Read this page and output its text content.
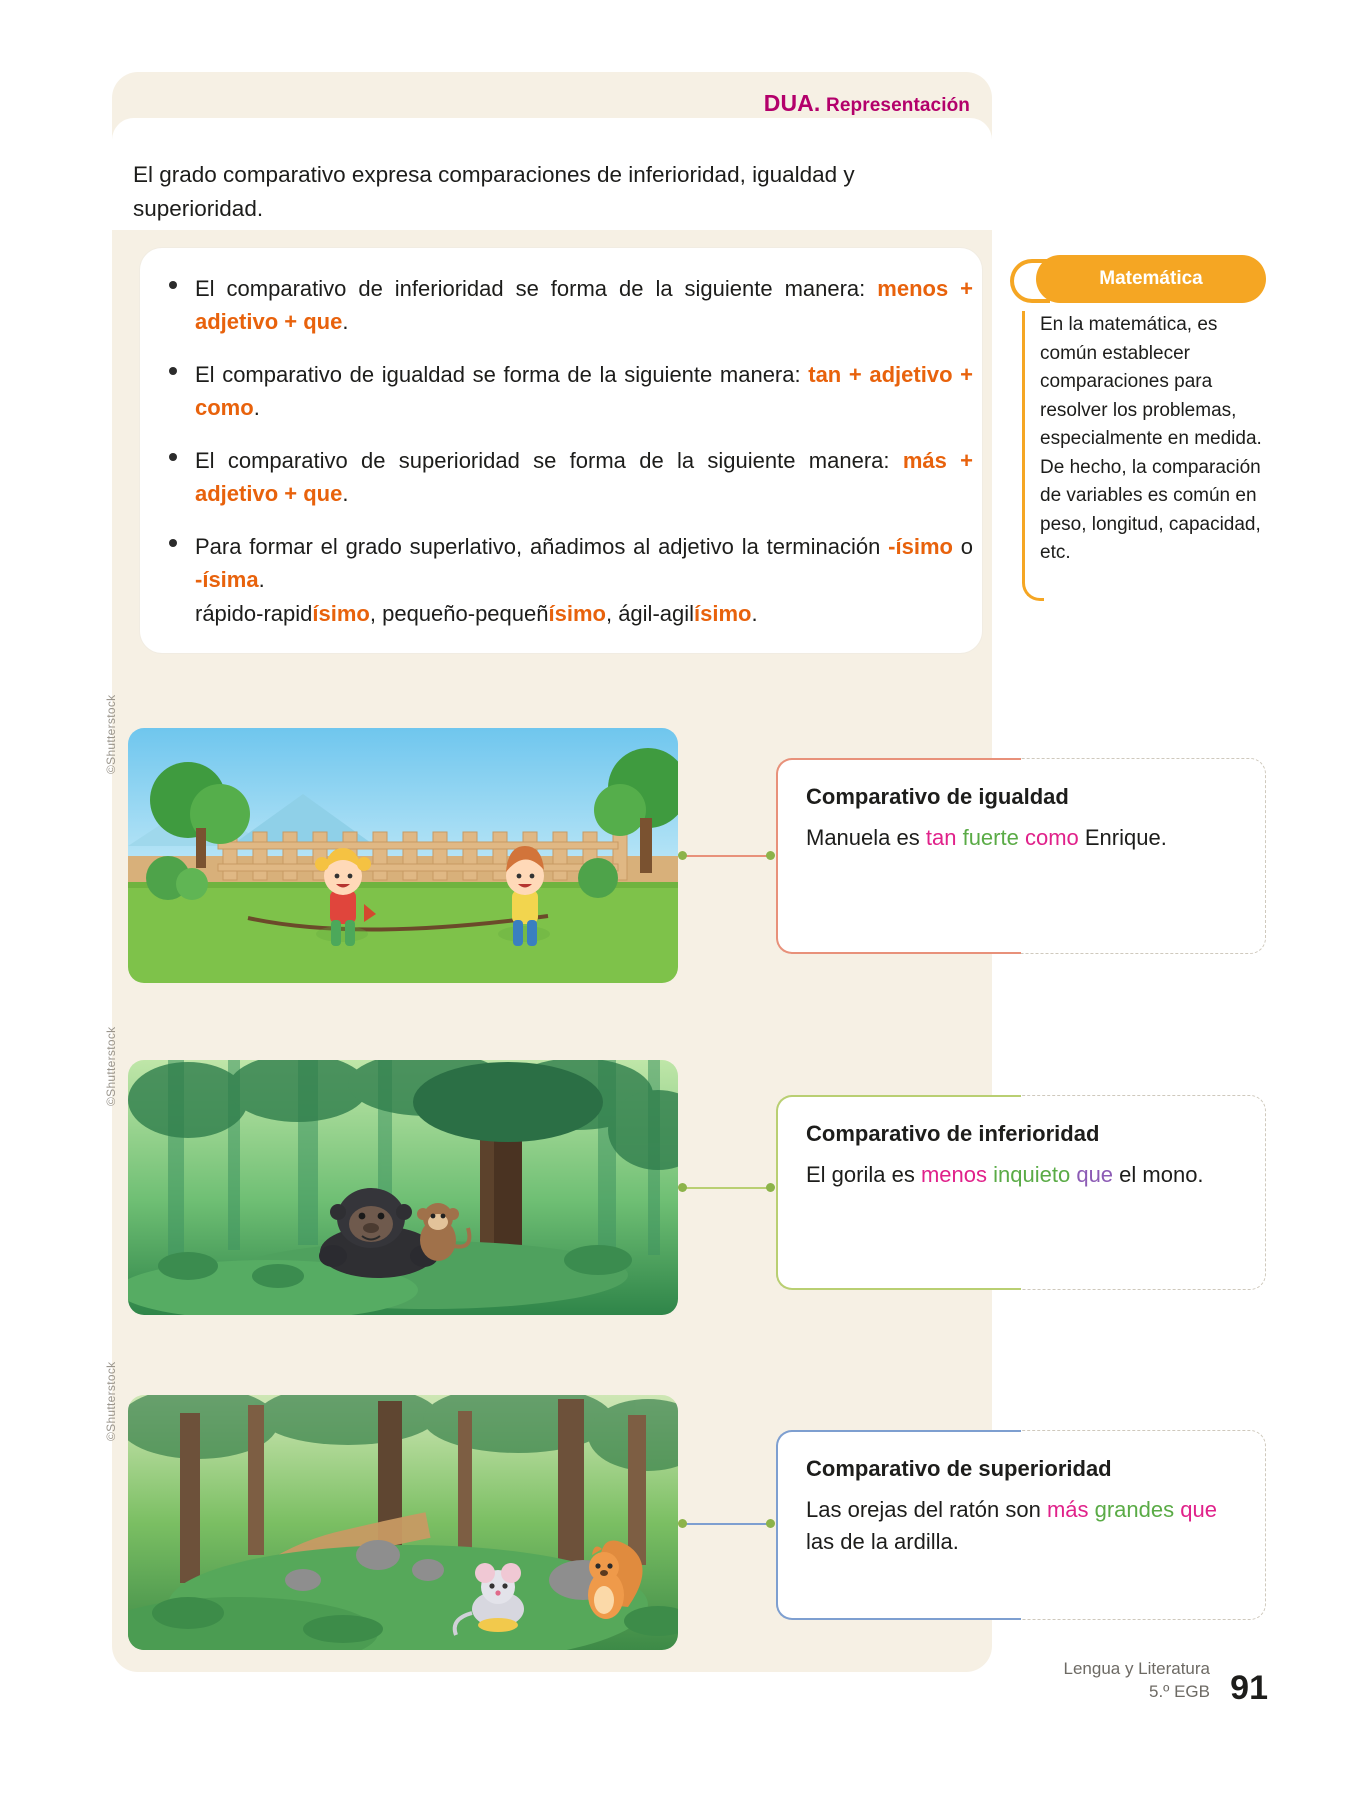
DUA. Representación
El grado comparativo expresa comparaciones de inferioridad, igualdad y superioridad.
El comparativo de inferioridad se forma de la siguiente manera: menos + adjetivo + que.
El comparativo de igualdad se forma de la siguiente manera: tan + adjetivo + como.
El comparativo de superioridad se forma de la siguiente manera: más + adjetivo + que.
Para formar el grado superlativo, añadimos al adjetivo la terminación -ísimo o -ísima.
rápido-rapidísimo, pequeño-pequeñísimo, ágil-agilísimo.
Matemática
En la matemática, es común establecer comparaciones para resolver los problemas, especialmente en medida. De hecho, la comparación de variables es común en peso, longitud, capacidad, etc.
©Shutterstock
Comparativo de igualdad
Manuela es tan fuerte como Enrique.
©Shutterstock
Comparativo de inferioridad
El gorila es menos inquieto que el mono.
©Shutterstock
Comparativo de superioridad
Las orejas del ratón son más grandes que las de la ardilla.
Lengua y Literatura
5.º EGB 91
